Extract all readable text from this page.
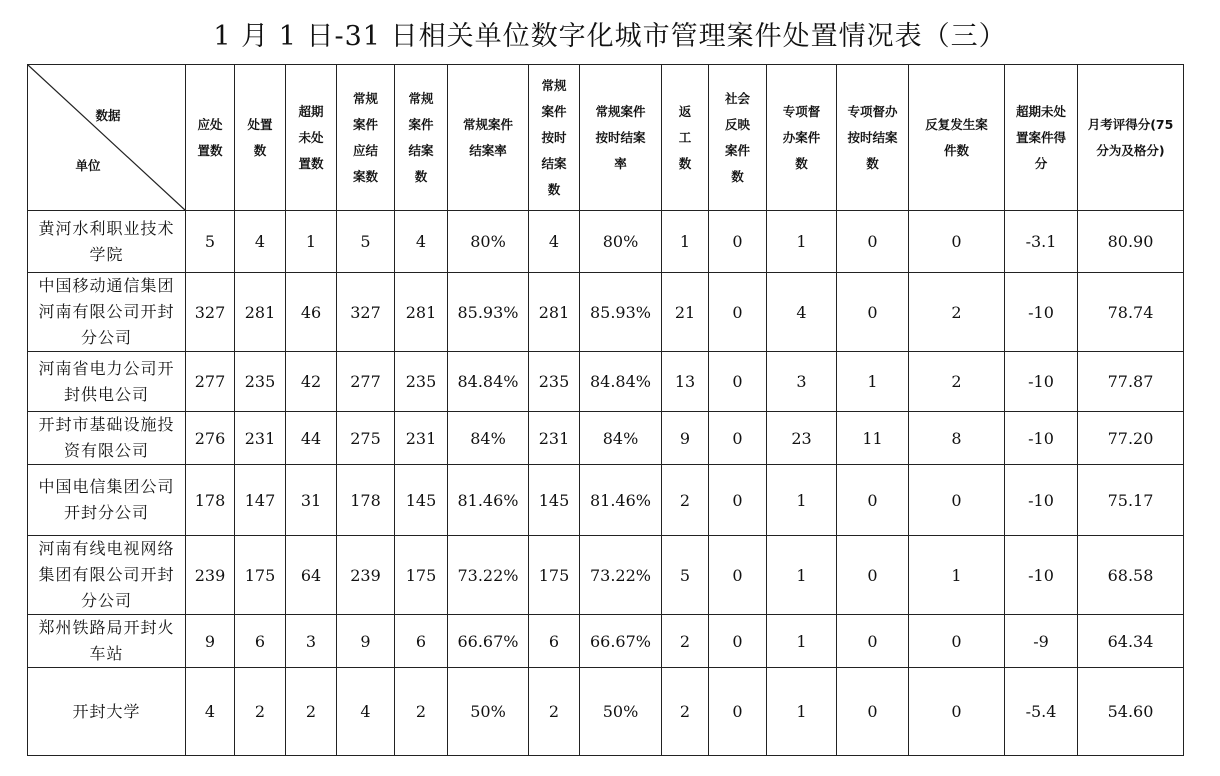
1 月 1 日-31 日相关单位数字化城市管理案件处置情况表（三）
数据
单位	应处置数	处置数	超期未处置数	常规案件应结案数	常规案件结案数	常规案件结案率	常规案件按时结案数	常规案件按时结案率	返工数	社会反映案件数	专项督办案件数	专项督办按时结案数	反复发生案件数	超期未处置案件得分	月考评得分(75分为及格分)
黄河水利职业技术学院	5	4	1	5	4	80%	4	80%	1	0	1	0	0	-3.1	80.90
中国移动通信集团河南有限公司开封分公司	327	281	46	327	281	85.93%	281	85.93%	21	0	4	0	2	-10	78.74
河南省电力公司开封供电公司	277	235	42	277	235	84.84%	235	84.84%	13	0	3	1	2	-10	77.87
开封市基础设施投资有限公司	276	231	44	275	231	84%	231	84%	9	0	23	11	8	-10	77.20
中国电信集团公司开封分公司	178	147	31	178	145	81.46%	145	81.46%	2	0	1	0	0	-10	75.17
河南有线电视网络集团有限公司开封分公司	239	175	64	239	175	73.22%	175	73.22%	5	0	1	0	1	-10	68.58
郑州铁路局开封火车站	9	6	3	9	6	66.67%	6	66.67%	2	0	1	0	0	-9	64.34
开封大学	4	2	2	4	2	50%	2	50%	2	0	1	0	0	-5.4	54.60
